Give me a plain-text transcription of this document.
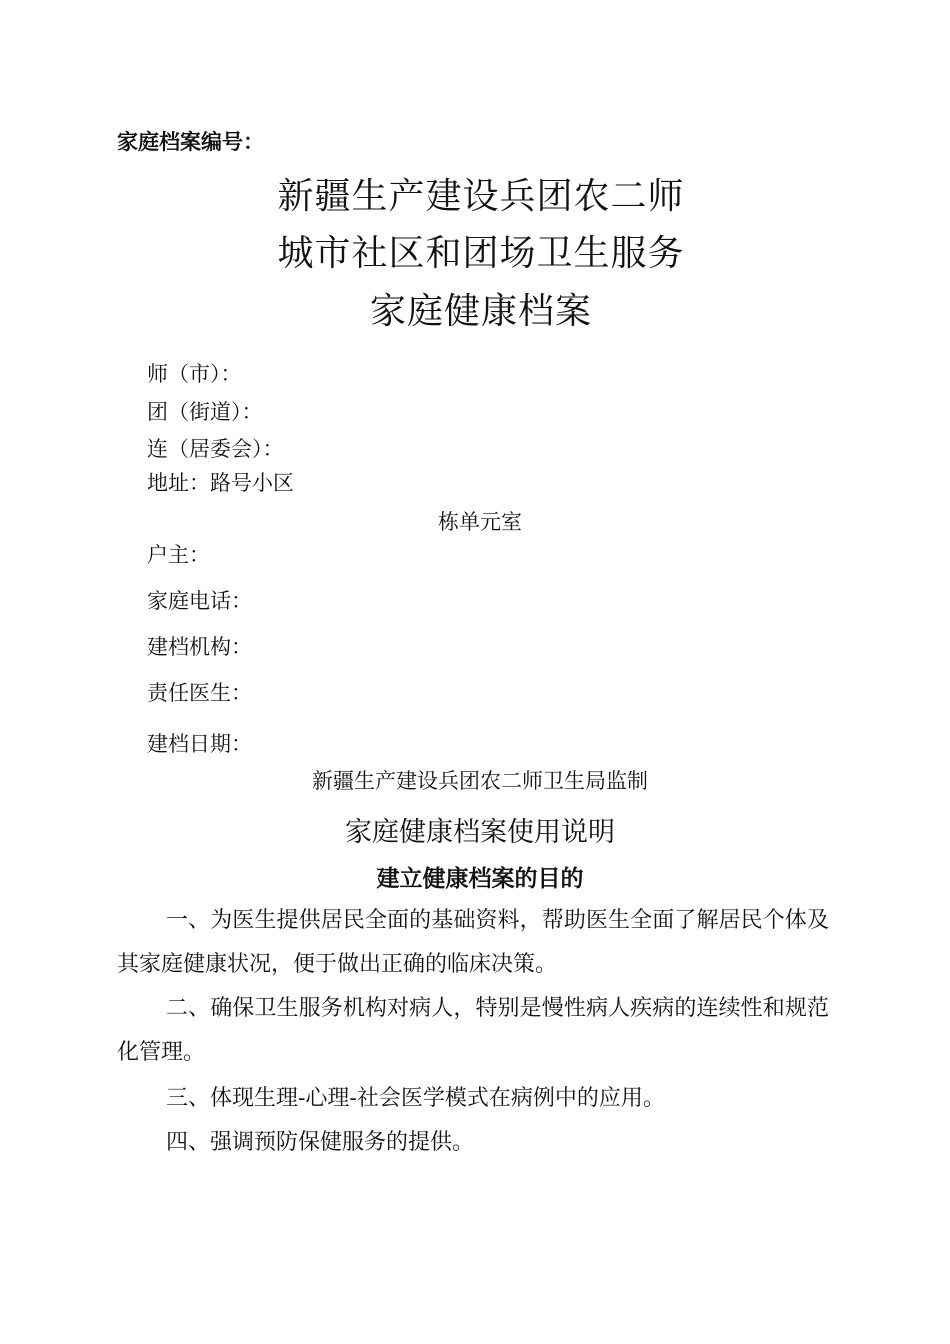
家庭档案编号：
新疆生产建设兵团农二师
城市社区和团场卫生服务
家庭健康档案
师（市）：
团（街道）：
连（居委会）：
地址：路号小区
栋单元室
户主：
家庭电话：
建档机构：
责任医生：
建档日期：
新疆生产建设兵团农二师卫生局监制
家庭健康档案使用说明
建立健康档案的目的
一、为医生提供居民全面的基础资料，帮助医生全面了解居民个体及其家庭健康状况，便于做出正确的临床决策。
二、确保卫生服务机构对病人，特别是慢性病人疾病的连续性和规范化管理。
三、体现生理-心理-社会医学模式在病例中的应用。
四、强调预防保健服务的提供。
